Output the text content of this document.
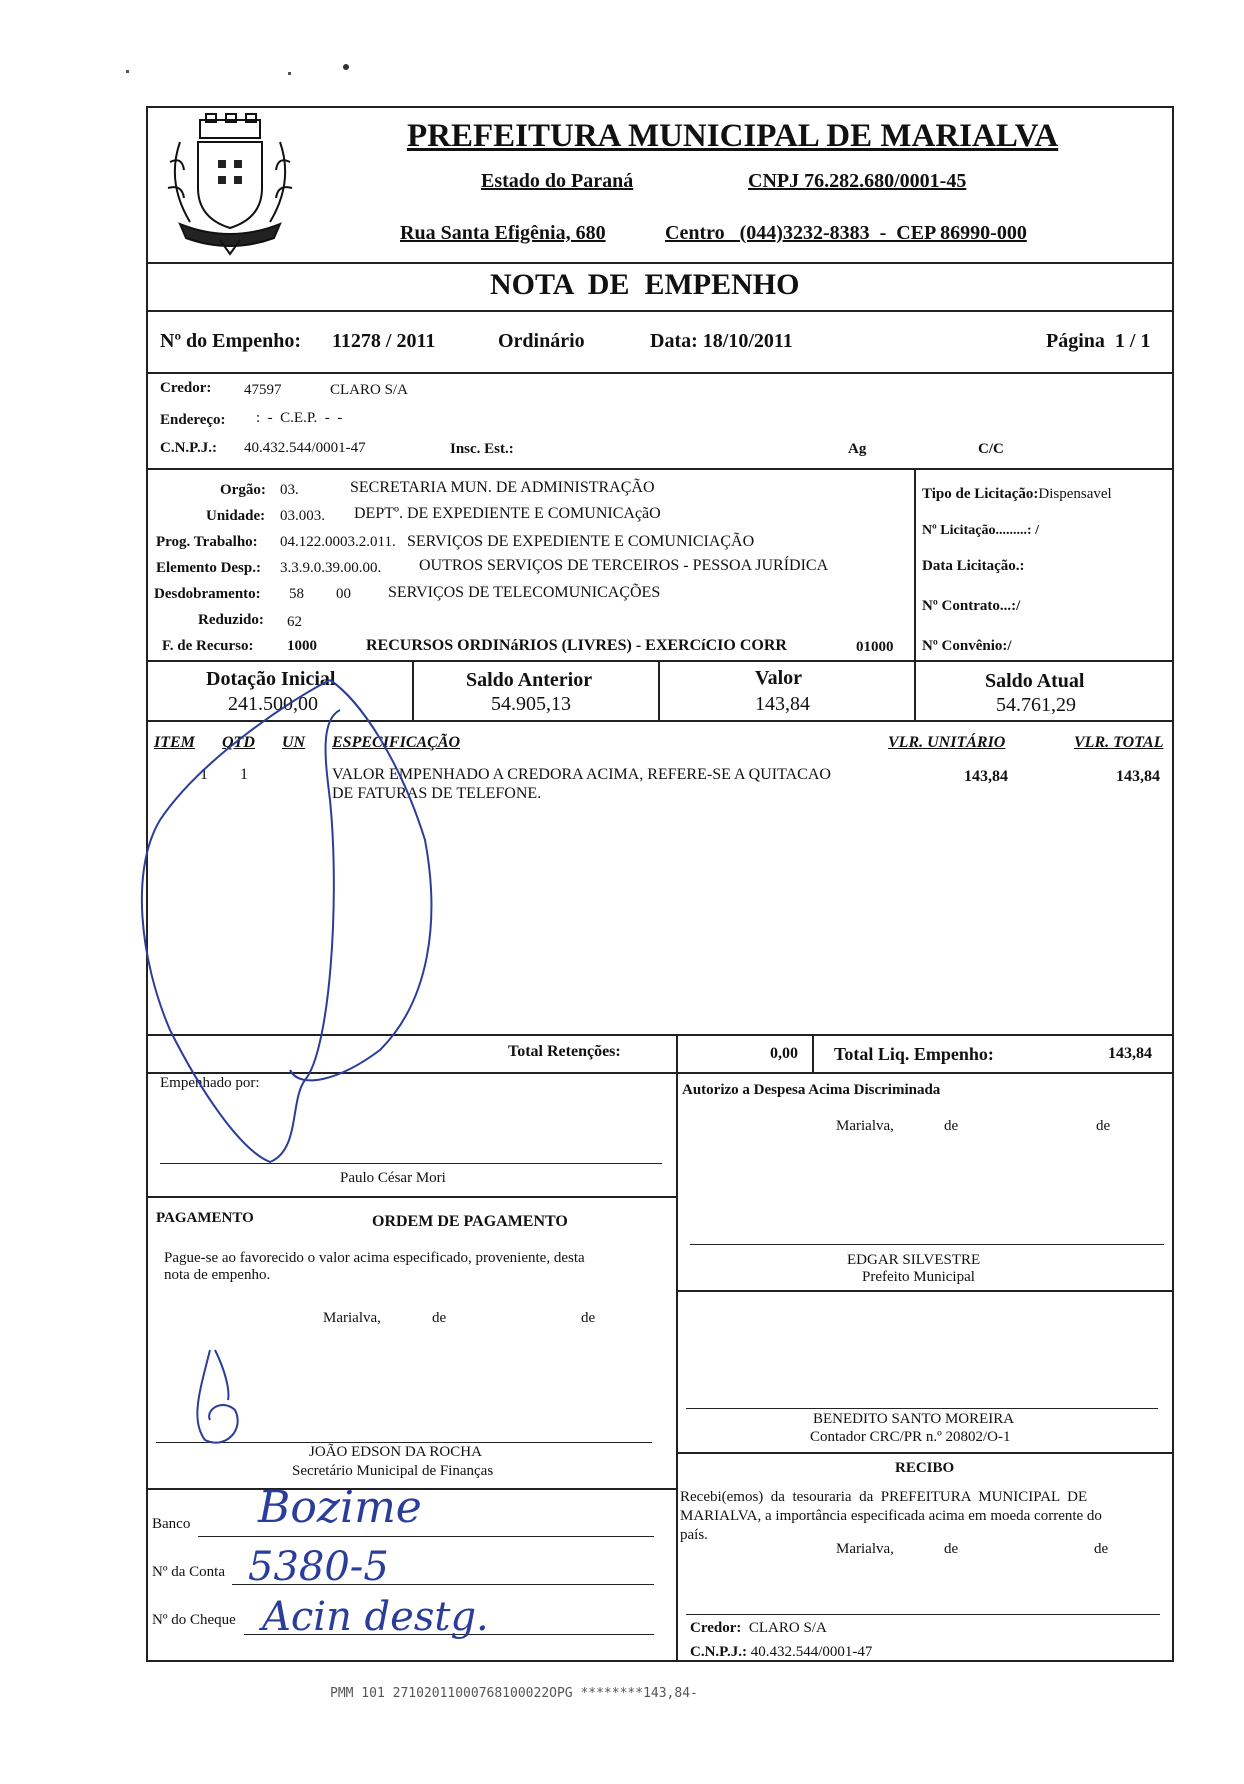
PREFEITURA MUNICIPAL DE MARIALVA
Estado do Paraná	CNPJ 76.282.680/0001-45
Rua Santa Efigênia, 680	Centro   (044)3232-8383  -  CEP 86990-000
NOTA  DE  EMPENHO
Nº do Empenho: 11278 / 2011	Ordinário	Data: 18/10/2011	Página  1 / 1
Credor: 47597	CLARO S/A
Endereço: :  -  C.E.P.  -  -
C.N.P.J.: 40.432.544/0001-47	Insc. Est.:	Ag	C/C
Orgão: 03.	SECRETARIA MUN. DE ADMINISTRAÇÃO
Unidade: 03.003. DEPTº. DE EXPEDIENTE E COMUNICAçãO
Prog. Trabalho: 04.122.0003.2.011. SERVIÇOS DE EXPEDIENTE E COMUNICIAÇÃO
Elemento Desp.: 3.3.9.0.39.00.00. OUTROS SERVIÇOS DE TERCEIROS - PESSOA JURÍDICA
Desdobramento: 58 00 SERVIÇOS DE TELECOMUNICAÇÕES
Reduzido: 62
F. de Recurso: 1000	RECURSOS ORDINáRIOS (LIVRES) - EXERCíCIO CORR	01000
Tipo de Licitação:Dispensavel
Nº Licitação.........: /
Data Licitação.:
Nº Contrato...:/
Nº Convênio:/
Dotação Inicial
241.500,00
Saldo Anterior
54.905,13
Valor
143,84
Saldo Atual
54.761,29
ITEM QTD UN ESPECIFICAÇÃO	VLR. UNITÁRIO	VLR. TOTAL
1 1	VALOR EMPENHADO A CREDORA ACIMA, REFERE-SE A QUITACAO
DE FATURAS DE TELEFONE.
143,84	143,84
Total Retenções:	0,00 Total Liq. Empenho:	143,84
Empenhado por:
Paulo César Mori
Autorizo a Despesa Acima Discriminada
Marialva,	de	de
EDGAR SILVESTRE
Prefeito Municipal
PAGAMENTO	ORDEM DE PAGAMENTO
Pague-se ao favorecido o valor acima especificado, proveniente, desta
nota de empenho.
Marialva,	de	de
JOÃO EDSON DA ROCHA
Secretário Municipal de Finanças
BENEDITO SANTO MOREIRA
Contador CRC/PR n.º 20802/O-1
RECIBO
Recebi(emos)  da  tesouraria  da  PREFEITURA  MUNICIPAL  DE
MARIALVA, a importância especificada acima em moeda corrente do
país.
Marialva,	de	de
Credor: CLARO S/A
C.N.P.J.: 40.432.544/0001-47
Banco Bozime
Nº da Conta 5380-5
Nº do Cheque Acin destg.
PMM 101 27102011000768100022OPG ********143,84-
